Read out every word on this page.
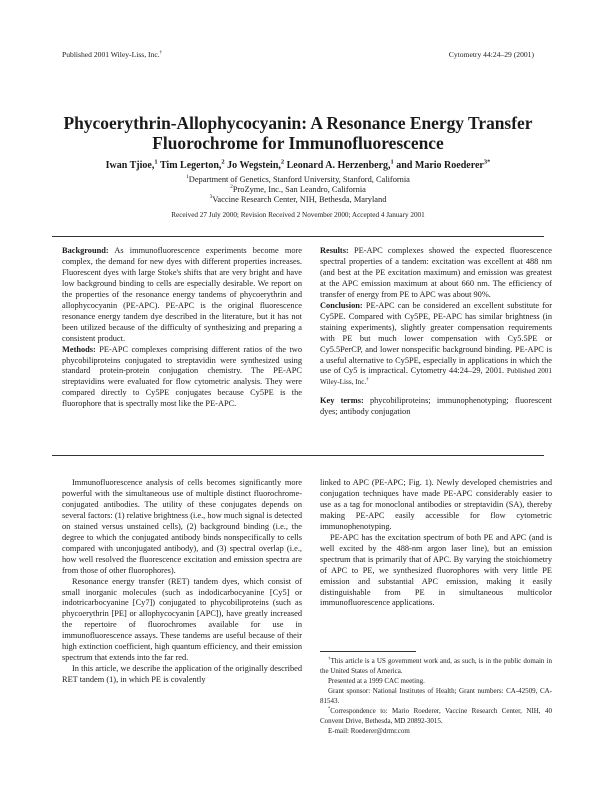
Published 2001 Wiley-Liss, Inc.†	Cytometry 44:24–29 (2001)
Phycoerythrin-Allophycocyanin: A Resonance Energy Transfer Fluorochrome for Immunofluorescence
Iwan Tjioe,$^1$ Tim Legerton,$^2$ Jo Wegstein,$^2$ Leonard A. Herzenberg,$^1$ and Mario Roederer$^{3*}$
$^1$Department of Genetics, Stanford University, Stanford, California
$^2$ProZyme, Inc., San Leandro, California
$^3$Vaccine Research Center, NIH, Bethesda, Maryland
Received 27 July 2000; Revision Received 2 November 2000; Accepted 4 January 2001

Background: As immunofluorescence experiments become more complex, the demand for new dyes with different properties increases. Fluorescent dyes with large Stoke's shifts that are very bright and have low background binding to cells are especially desirable. We report on the properties of the resonance energy tandems of phycoerythrin and allophycocyanin (PE-APC). PE-APC is the original fluorescence resonance energy tandem dye described in the literature, but it has not been utilized because of the difficulty of synthesizing and preparing a consistent product.

Methods: PE-APC complexes comprising different ratios of the two phycobiliproteins conjugated to streptavidin were synthesized using standard protein-protein conjugation chemistry. The PE-APC streptavidins were evaluated for flow cytometric analysis. They were compared directly to Cy5PE conjugates because Cy5PE is the fluorophore that is spectrally most like the PE-APC.

Results: PE-APC complexes showed the expected fluorescence spectral properties of a tandem: excitation was excellent at 488 nm (and best at the PE excitation maximum) and emission was greatest at the APC emission maximum at about 660 nm. The efficiency of transfer of energy from PE to APC was about 90%.

Conclusion: PE-APC can be considered an excellent substitute for Cy5PE. Compared with Cy5PE, PE-APC has similar brightness (in staining experiments), slightly greater compensation requirements with PE but much lower compensation with Cy5.5PE or Cy5.5PerCP, and lower nonspecific background binding. PE-APC is a useful alternative to Cy5PE, especially in applications in which the use of Cy5 is impractical. Cytometry 44:24–29, 2001. Published 2001 Wiley-Liss, Inc.†

Key terms: phycobiliproteins; immunophenotyping; fluorescent dyes; antibody conjugation

Immunofluorescence analysis of cells becomes significantly more powerful with the simultaneous use of multiple distinct fluorochrome-conjugated antibodies. The utility of these conjugates depends on several factors: (1) relative brightness (i.e., how much signal is detected on stained versus unstained cells), (2) background binding (i.e., the degree to which the conjugated antibody binds nonspecifically to cells compared with unconjugated antibody), and (3) spectral overlap (i.e., how well resolved the fluorescence excitation and emission spectra are from those of other fluorophores).

Resonance energy transfer (RET) tandem dyes, which consist of small inorganic molecules (such as indodicarbocyanine [Cy5] or indotricarbocyanine [Cy7]) conjugated to phycobiliproteins (such as phycoerythrin [PE] or allophycocyanin [APC]), have greatly increased the repertoire of fluorochromes available for use in immunofluorescence assays. These tandems are useful because of their high extinction coefficient, high quantum efficiency, and their emission spectrum that extends into the far red.

In this article, we describe the application of the originally described RET tandem (1), in which PE is covalently

linked to APC (PE-APC; Fig. 1). Newly developed chemistries and conjugation techniques have made PE-APC considerably easier to use as a tag for monoclonal antibodies or streptavidin (SA), thereby making PE-APC easily accessible for flow cytometric immunophenotyping.

PE-APC has the excitation spectrum of both PE and APC (and is well excited by the 488-nm argon laser line), but an emission spectrum that is primarily that of APC. By varying the stoichiometry of APC to PE, we synthesized fluorophores with very little PE emission and substantial APC emission, making it easily distinguishable from PE in simultaneous multicolor immunofluorescence applications.

†This article is a US government work and, as such, is in the public domain in the United States of America.

Presented at a 1999 CAC meeting.

Grant sponsor: National Institutes of Health; Grant numbers: CA-42509, CA-81543.

*Correspondence to: Mario Roederer, Vaccine Research Center, NIH, 40 Convent Drive, Bethesda, MD 20892-3015.

E-mail: Roederer@drmr.com
